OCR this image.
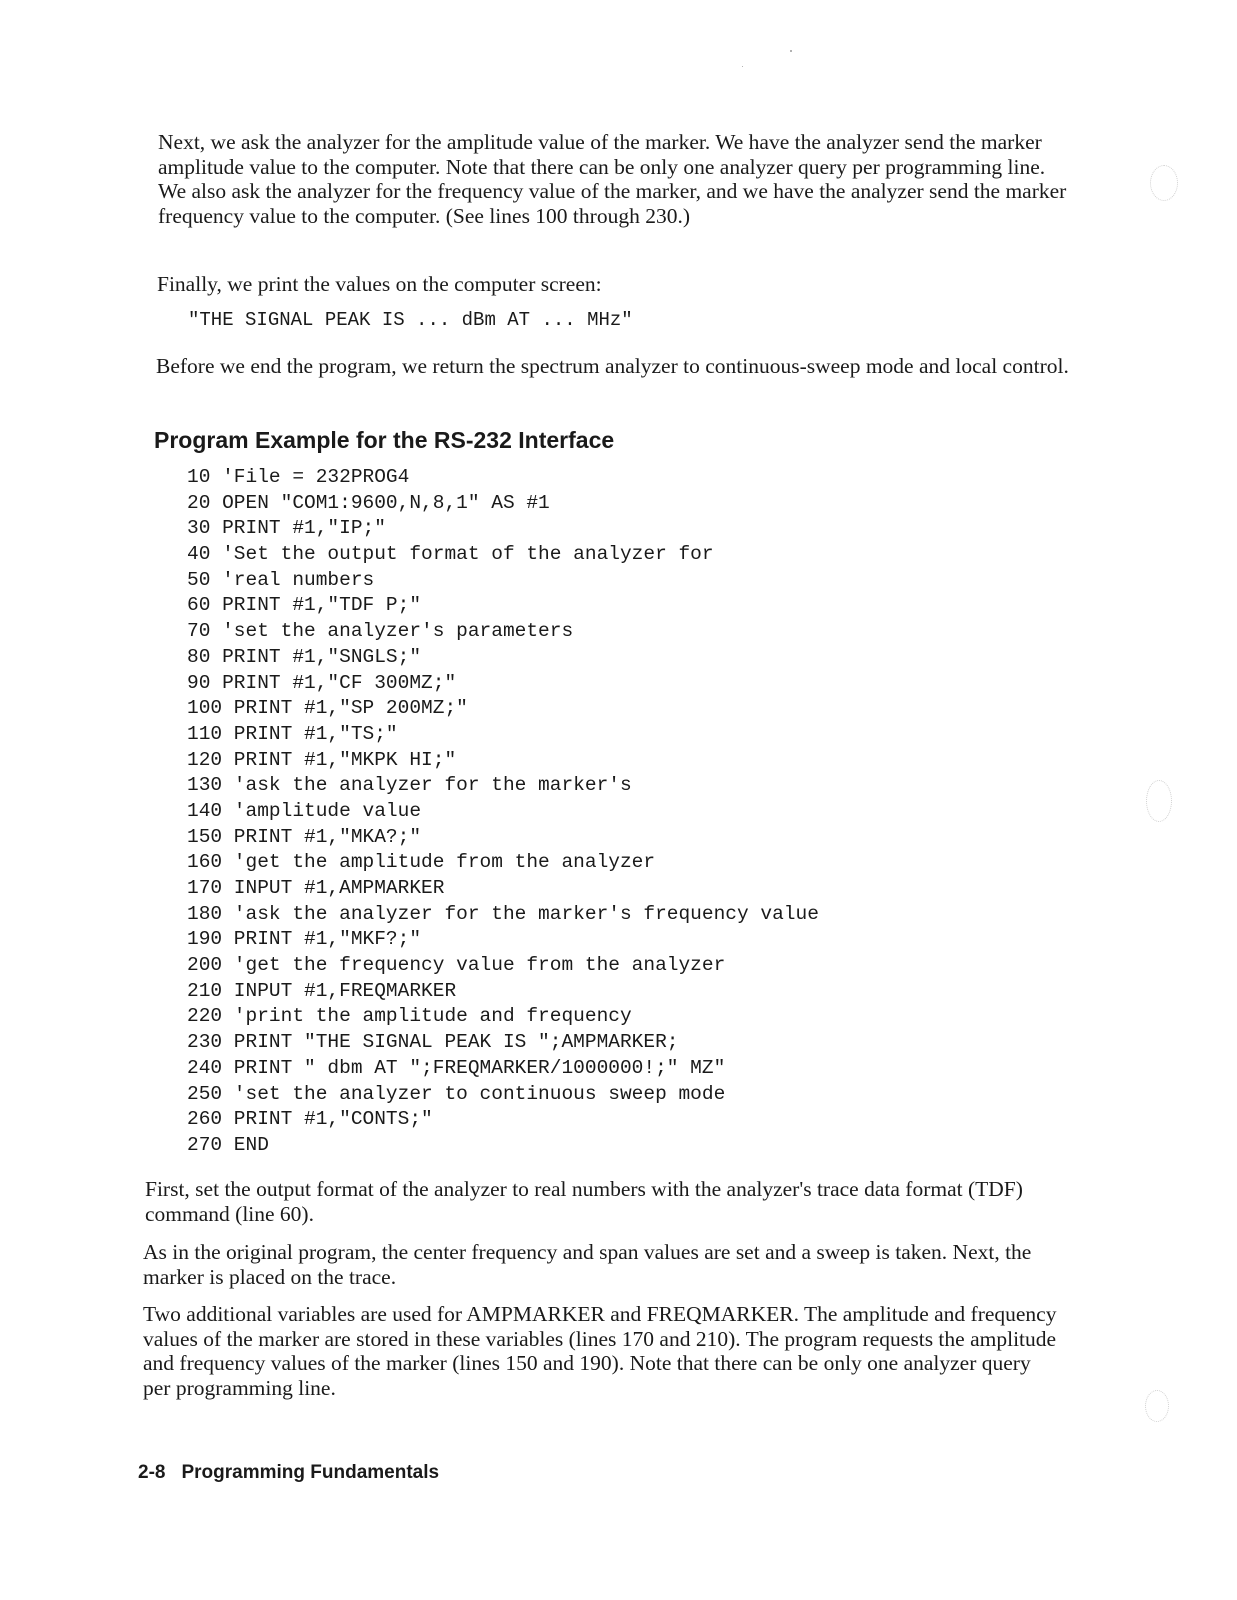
Next, we ask the analyzer for the amplitude value of the marker. We have the analyzer send the marker amplitude value to the computer. Note that there can be only one analyzer query per programming line. We also ask the analyzer for the frequency value of the marker, and we have the analyzer send the marker frequency value to the computer. (See lines 100 through 230.)

Finally, we print the values on the computer screen:

"THE SIGNAL PEAK IS ... dBm AT ... MHz"

Before we end the program, we return the spectrum analyzer to continuous-sweep mode and local control.

Program Example for the RS-232 Interface
10 'File = 232PROG4
20 OPEN "COM1:9600,N,8,1" AS #1
30 PRINT #1,"IP;"
40 'Set the output format of the analyzer for
50 'real numbers
60 PRINT #1,"TDF P;"
70 'set the analyzer's parameters
80 PRINT #1,"SNGLS;"
90 PRINT #1,"CF 300MZ;"
100 PRINT #1,"SP 200MZ;"
110 PRINT #1,"TS;"
120 PRINT #1,"MKPK HI;"
130 'ask the analyzer for the marker's
140 'amplitude value
150 PRINT #1,"MKA?;"
160 'get the amplitude from the analyzer
170 INPUT #1,AMPMARKER
180 'ask the analyzer for the marker's frequency value
190 PRINT #1,"MKF?;"
200 'get the frequency value from the analyzer
210 INPUT #1,FREQMARKER
220 'print the amplitude and frequency
230 PRINT "THE SIGNAL PEAK IS ";AMPMARKER;
240 PRINT " dbm AT ";FREQMARKER/1000000!;" MZ"
250 'set the analyzer to continuous sweep mode
260 PRINT #1,"CONTS;"
270 END

First, set the output format of the analyzer to real numbers with the analyzer's trace data format (TDF) command (line 60).

As in the original program, the center frequency and span values are set and a sweep is taken. Next, the marker is placed on the trace.

Two additional variables are used for AMPMARKER and FREQMARKER. The amplitude and frequency values of the marker are stored in these variables (lines 170 and 210). The program requests the amplitude and frequency values of the marker (lines 150 and 190). Note that there can be only one analyzer query per programming line.

2-8 Programming Fundamentals
